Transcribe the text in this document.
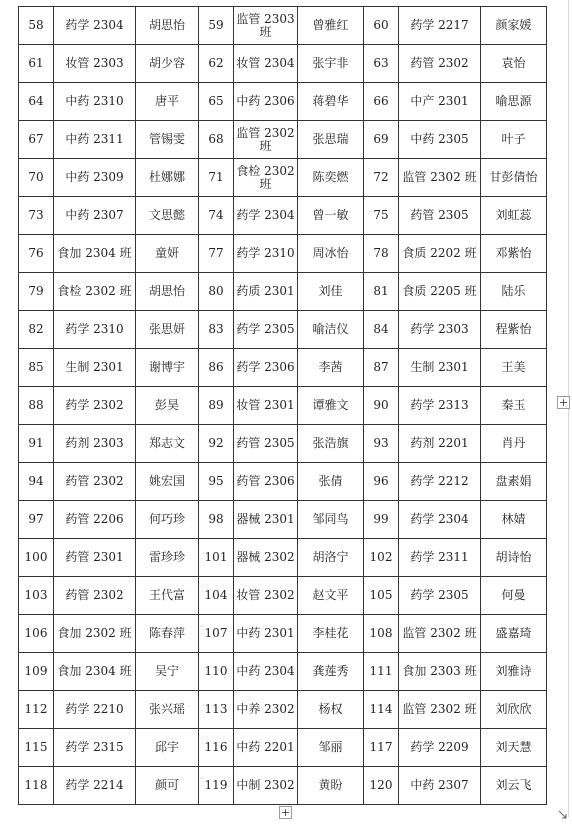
58	药学 2304	胡思怡	59	监管 2303 班	曾雅红	60	药学 2217	颜家媛

61	妆管 2303	胡少容	62	妆管 2304	张宇非	63	药管 2302	袁怡

64	中药 2310	唐平	65	中药 2306	蒋碧华	66	中产 2301	喻思源

67	中药 2311	管锡雯	68	监管 2302 班	张思瑞	69	中药 2305	叶子

70	中药 2309	杜娜娜	71	食检 2302 班	陈奕燃	72	监管 2302 班	甘彭倩怡

73	中药 2307	文思懿	74	药学 2304	曾一敏	75	药管 2305	刘虹蕊

76	食加 2304 班	童妍	77	药学 2310	周冰怡	78	食质 2202 班	邓紫怡

79	食检 2302 班	胡思怡	80	药质 2301	刘佳	81	食质 2205 班	陆乐

82	药学 2310	张思妍	83	药学 2305	喻洁仪	84	药学 2303	程紫怡

85	生制 2301	谢博宇	86	药学 2306	李茜	87	生制 2301	王美

88	药学 2302	彭昊	89	妆管 2301	谭雅文	90	药学 2313	秦玉

91	药剂 2303	郑志文	92	药管 2305	张浩旗	93	药剂 2201	肖丹

94	药管 2302	姚宏国	95	药管 2306	张倩	96	药学 2212	盘素娟

97	药管 2206	何巧珍	98	器械 2301	邹同鸟	99	药学 2304	林婧

100	药管 2301	雷珍珍	101	器械 2302	胡洛宁	102	药学 2311	胡诗怡

103	药管 2302	王代富	104	妆管 2302	赵文平	105	药学 2305	何曼

106	食加 2302 班	陈春萍	107	中药 2301	李桂花	108	监管 2302 班	盛嘉琦

109	食加 2304 班	吴宁	110	中药 2304	龚莲秀	111	食加 2303 班	刘雅诗

112	药学 2210	张兴瑶	113	中养 2302	杨权	114	监管 2302 班	刘欣欣

115	药学 2315	邱宇	116	中药 2201	邹丽	117	药学 2209	刘天慧

118	药学 2214	颜可	119	中制 2302	黄盼	120	中药 2307	刘云飞
+
+
